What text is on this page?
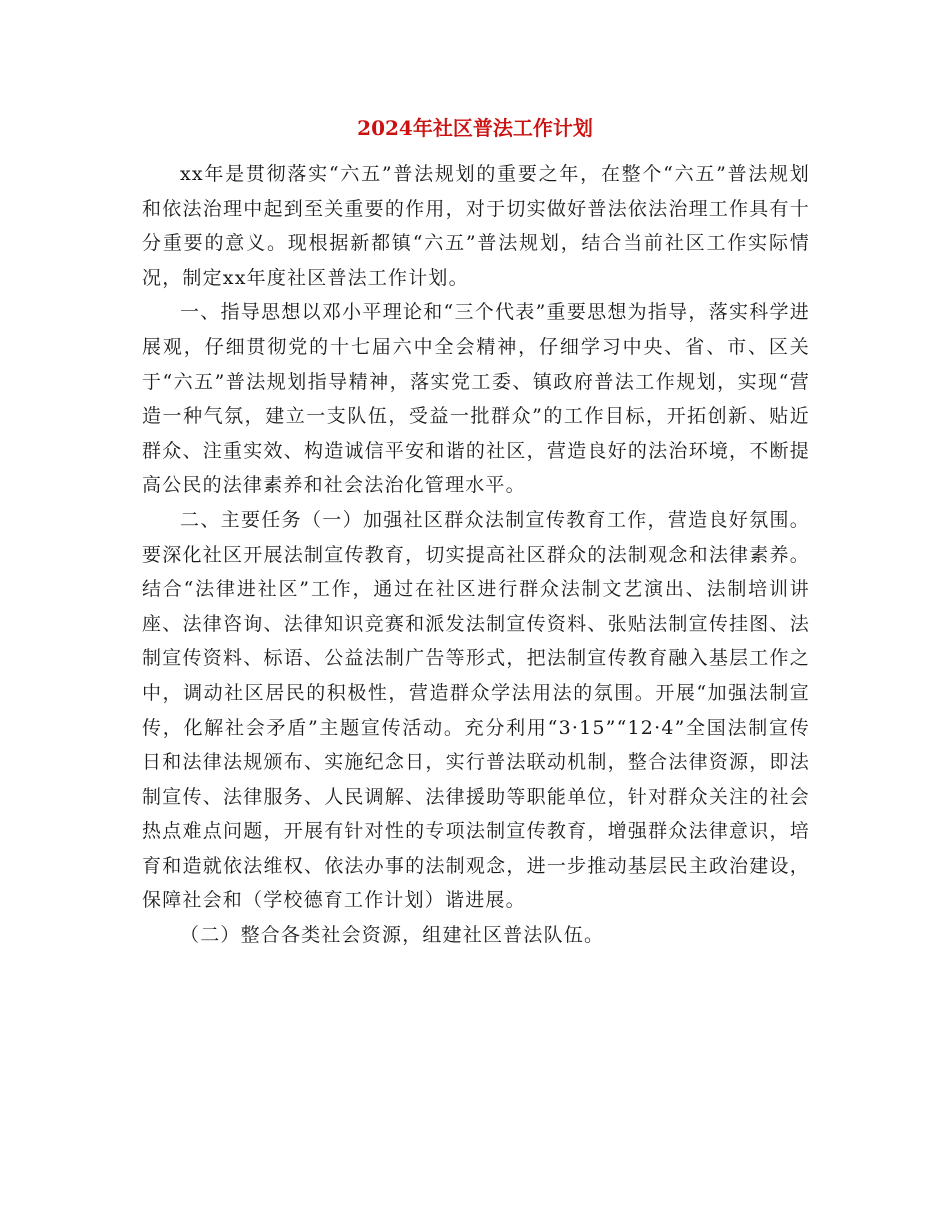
2024年社区普法工作计划

xx年是贯彻落实“六五”普法规划的重要之年，在整个“六五”普法规划和依法治理中起到至关重要的作用，对于切实做好普法依法治理工作具有十分重要的意义。现根据新都镇“六五”普法规划，结合当前社区工作实际情况，制定xx年度社区普法工作计划。

一、指导思想以邓小平理论和“三个代表”重要思想为指导，落实科学进展观，仔细贯彻党的十七届六中全会精神，仔细学习中央、省、市、区关于“六五”普法规划指导精神，落实党工委、镇政府普法工作规划，实现“营造一种气氛，建立一支队伍，受益一批群众”的工作目标，开拓创新、贴近群众、注重实效、构造诚信平安和谐的社区，营造良好的法治环境，不断提高公民的法律素养和社会法治化管理水平。

二、主要任务（一）加强社区群众法制宣传教育工作，营造良好氛围。要深化社区开展法制宣传教育，切实提高社区群众的法制观念和法律素养。结合“法律进社区”工作，通过在社区进行群众法制文艺演出、法制培训讲座、法律咨询、法律知识竞赛和派发法制宣传资料、张贴法制宣传挂图、法制宣传资料、标语、公益法制广告等形式，把法制宣传教育融入基层工作之中，调动社区居民的积极性，营造群众学法用法的氛围。开展“加强法制宣传，化解社会矛盾”主题宣传活动。充分利用“3·15”“12·4”全国法制宣传日和法律法规颁布、实施纪念日，实行普法联动机制，整合法律资源，即法制宣传、法律服务、人民调解、法律援助等职能单位，针对群众关注的社会热点难点问题，开展有针对性的专项法制宣传教育，增强群众法律意识，培育和造就依法维权、依法办事的法制观念，进一步推动基层民主政治建设，保障社会和（学校德育工作计划）谐进展。

（二）整合各类社会资源，组建社区普法队伍。
